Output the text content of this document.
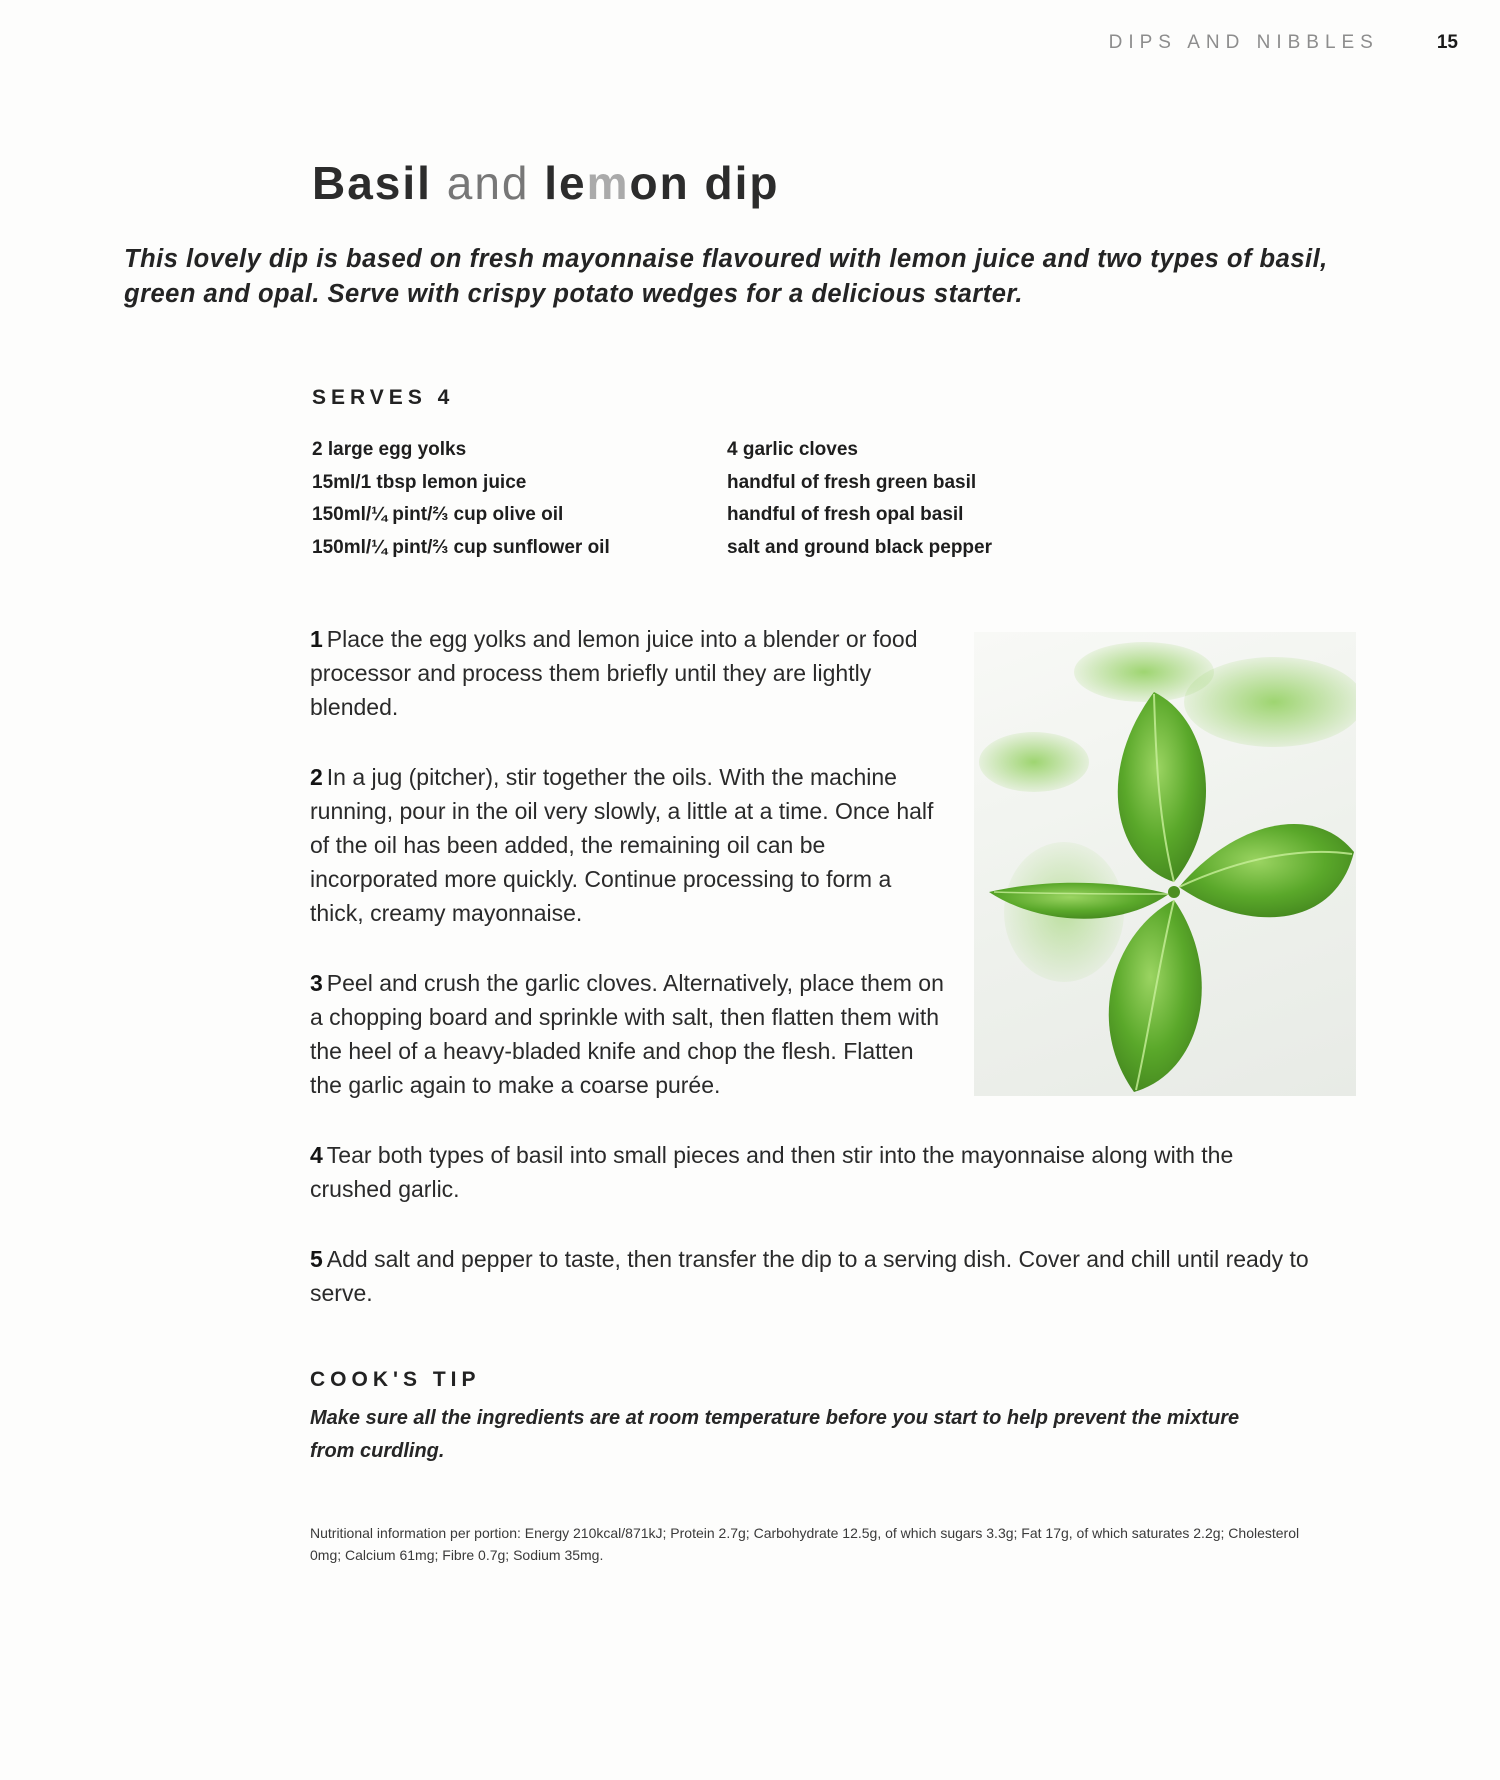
DIPS AND NIBBLES	15
Basil and lemon dip

This lovely dip is based on fresh mayonnaise flavoured with lemon juice and two types of basil, green and opal. Serve with crispy potato wedges for a delicious starter.

SERVES 4
2 large egg yolks
15ml/1 tbsp lemon juice
150ml/¼ pint/⅔ cup olive oil
150ml/¼ pint/⅔ cup sunflower oil
4 garlic cloves
handful of fresh green basil
handful of fresh opal basil
salt and ground black pepper

1 Place the egg yolks and lemon juice into a blender or food processor and process them briefly until they are lightly blended.

2 In a jug (pitcher), stir together the oils. With the machine running, pour in the oil very slowly, a little at a time. Once half of the oil has been added, the remaining oil can be incorporated more quickly. Continue processing to form a thick, creamy mayonnaise.

3 Peel and crush the garlic cloves. Alternatively, place them on a chopping board and sprinkle with salt, then flatten them with the heel of a heavy-bladed knife and chop the flesh. Flatten the garlic again to make a coarse purée.

4 Tear both types of basil into small pieces and then stir into the mayonnaise along with the crushed garlic.

5 Add salt and pepper to taste, then transfer the dip to a serving dish. Cover and chill until ready to serve.

COOK'S TIP

Make sure all the ingredients are at room temperature before you start to help prevent the mixture from curdling.

Nutritional information per portion: Energy 210kcal/871kJ; Protein 2.7g; Carbohydrate 12.5g, of which sugars 3.3g; Fat 17g, of which saturates 2.2g; Cholesterol 0mg; Calcium 61mg; Fibre 0.7g; Sodium 35mg.
